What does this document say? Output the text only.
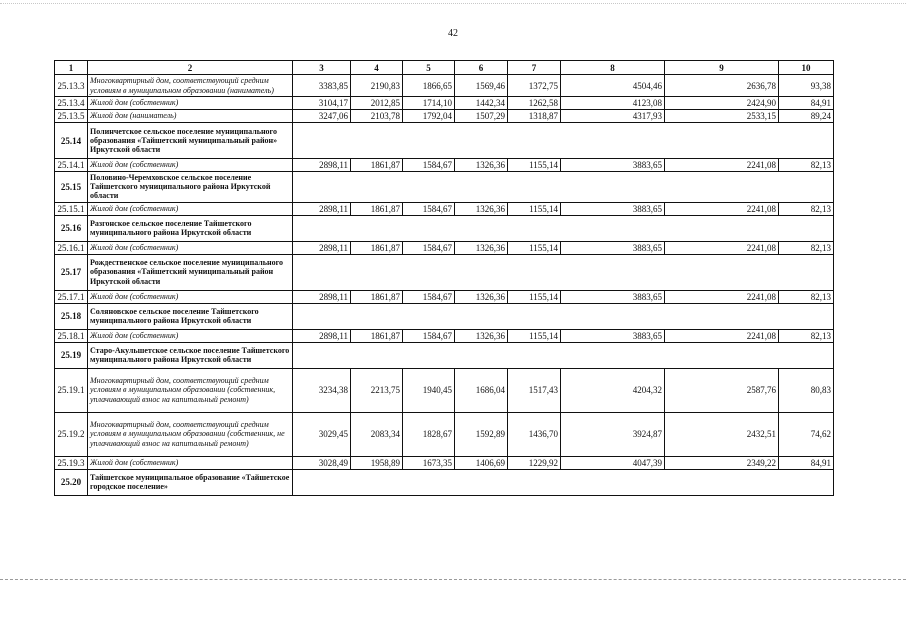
42
1	2	3	4	5	6	7	8	9	10
25.13.3	Многоквартирный дом, соответствующий средним условиям в муниципальном образовании (наниматель)	3383,85	2190,83	1866,65	1569,46	1372,75	4504,46	2636,78	93,38
25.13.4	Жилой дом (собственник)	3104,17	2012,85	1714,10	1442,34	1262,58	4123,08	2424,90	84,91
25.13.5	Жилой дом (наниматель)	3247,06	2103,78	1792,04	1507,29	1318,87	4317,93	2533,15	89,24
25.14	Полинчетское сельское поселение муниципального образования «Тайшетский муниципальный район» Иркутской области								
25.14.1	Жилой дом (собственник)	2898,11	1861,87	1584,67	1326,36	1155,14	3883,65	2241,08	82,13
25.15	Половино-Черемховское сельское поселение Тайшетского муниципального района Иркутской области								
25.15.1	Жилой дом (собственник)	2898,11	1861,87	1584,67	1326,36	1155,14	3883,65	2241,08	82,13
25.16	Разгонское сельское поселение Тайшетского муниципального района Иркутской области								
25.16.1	Жилой дом (собственник)	2898,11	1861,87	1584,67	1326,36	1155,14	3883,65	2241,08	82,13
25.17	Рождественское сельское поселение муниципального образования «Тайшетский муниципальный район Иркутской области								
25.17.1	Жилой дом (собственник)	2898,11	1861,87	1584,67	1326,36	1155,14	3883,65	2241,08	82,13
25.18	Соляновское сельское поселение Тайшетского муниципального района Иркутской области								
25.18.1	Жилой дом (собственник)	2898,11	1861,87	1584,67	1326,36	1155,14	3883,65	2241,08	82,13
25.19	Старо-Акульшетское сельское поселение Тайшетского муниципального района Иркутской области								
25.19.1	Многоквартирный дом, соответствующий средним условиям в муниципальном образовании (собственник, уплачивающий взнос на капитальный ремонт)	3234,38	2213,75	1940,45	1686,04	1517,43	4204,32	2587,76	80,83
25.19.2	Многоквартирный дом, соответствующий средним условиям в муниципальном образовании (собственник, не уплачивающий взнос на капитальный ремонт)	3029,45	2083,34	1828,67	1592,89	1436,70	3924,87	2432,51	74,62
25.19.3	Жилой дом (собственник)	3028,49	1958,89	1673,35	1406,69	1229,92	4047,39	2349,22	84,91
25.20	Тайшетское муниципальное образование «Тайшетское городское поселение»								
